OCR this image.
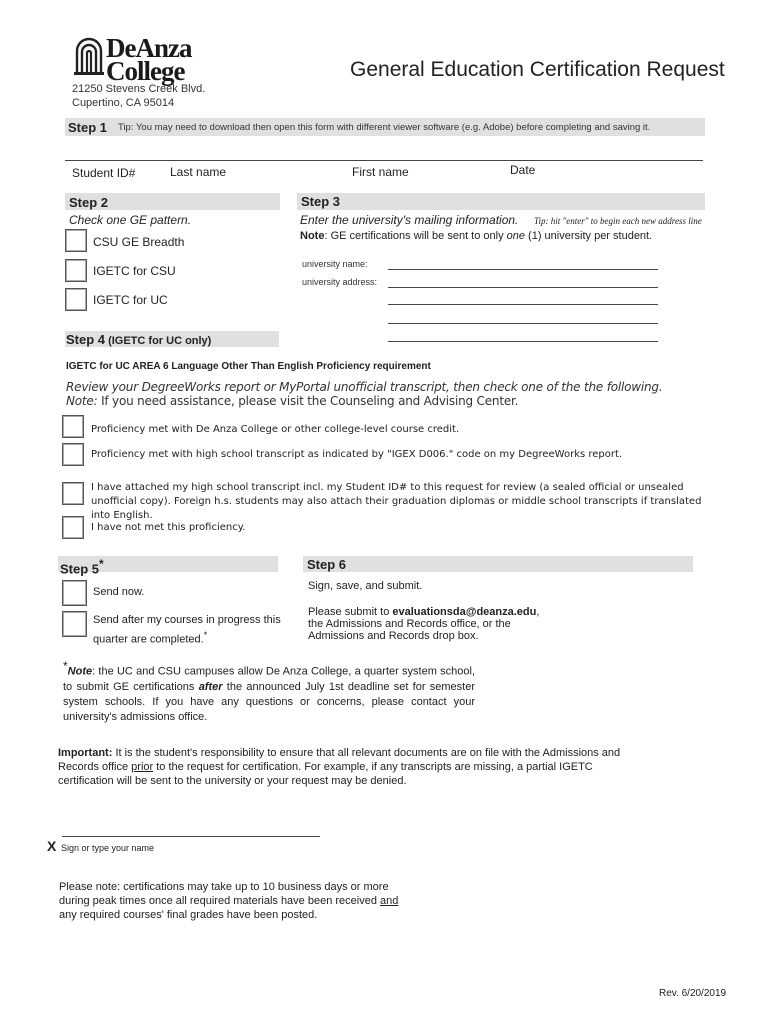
DeAnza
College	General Education Certification Request
21250 Stevens Creek Blvd.
Cupertino, CA 95014
Step 1 Tip: You may need to download then open this form with different viewer software (e.g. Adobe) before completing and saving it.
Student ID#	Last name	First name	Date
Step 2	Step 3
Check one GE pattern.
CSU GE Breadth
IGETC for CSU
IGETC for UC
Enter the university's mailing information. Tip: hit "enter" to begin each new address line
Note: GE certifications will be sent to only one (1) university per student.
university name:
university address:
Step 4 (IGETC for UC only)
IGETC for UC AREA 6 Language Other Than English Proficiency requirement
Review your DegreeWorks report or MyPortal unofficial transcript, then check one of the the following.
Note: If you need assistance, please visit the Counseling and Advising Center.
Proficiency met with De Anza College or other college-level course credit.
Proficiency met with high school transcript as indicated by "IGEX D006." code on my DegreeWorks report.
I have attached my high school transcript incl. my Student ID# to this request for review (a sealed official or unsealed unofficial copy). Foreign h.s. students may also attach their graduation diplomas or middle school transcripts if translated into English.
I have not met this proficiency.
Step 5*	Step 6
Send now.
Send after my courses in progress this quarter are completed.*
Sign, save, and submit.
Please submit to evaluationsda@deanza.edu,
the Admissions and Records office, or the
Admissions and Records drop box.
*Note: the UC and CSU campuses allow De Anza College, a quarter system school, to submit GE certifications after the announced July 1st deadline set for semester system schools. If you have any questions or concerns, please contact your university's admissions office.
Important: It is the student's responsibility to ensure that all relevant documents are on file with the Admissions and Records office prior to the request for certification. For example, if any transcripts are missing, a partial IGETC certification will be sent to the university or your request may be denied.
X Sign or type your name
Please note: certifications may take up to 10 business days or more during peak times once all required materials have been received and any required courses' final grades have been posted.
Rev. 6/20/2019
